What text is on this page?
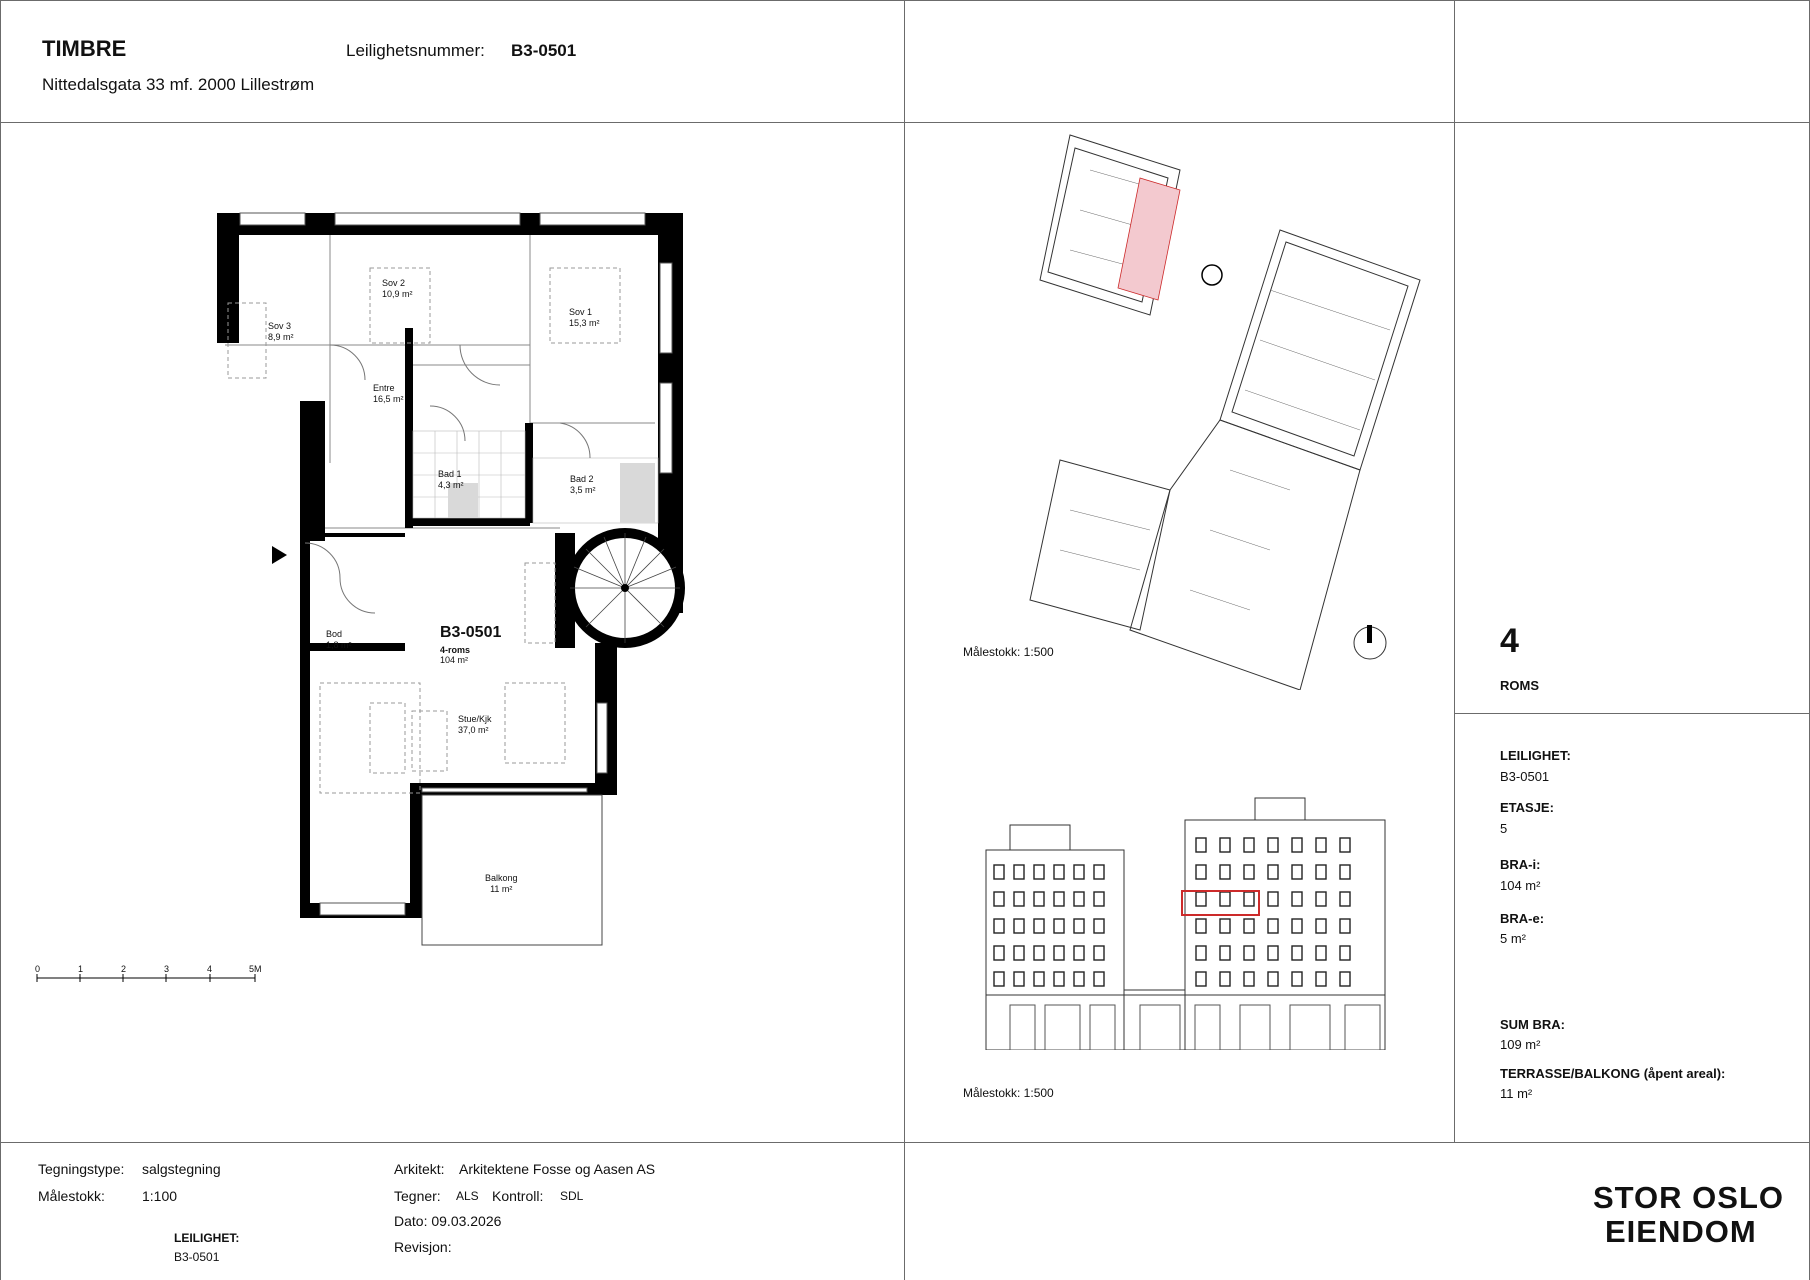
TIMBRE
Nittedalsgata 33 mf. 2000 Lillestrøm
Leilighetsnummer: B3-0501
Sov 3
8,9 m²
Sov 2
10,9 m²
Sov 1
15,3 m²
Entre
16,5 m²
Bad 1
4,3 m²
Bad 2
3,5 m²
Bod
1,8 m²
Stue/Kjk
37,0 m²
Balkong
11 m²
B3-0501
4-roms
104 m²
0	1	2	3	4	5M
Målestokk: 1:500
Målestokk: 1:500
4
ROMS
LEILIGHET:
B3-0501
ETASJE:
5
BRA-i:
104 m²
BRA-e:
5 m²
SUM BRA:
109 m²
TERRASSE/BALKONG (åpent areal):
11 m²
Tegningstype: salgstegning
Målestokk:	1:100
LEILIGHET:
B3-0501
Arkitekt: Arkitektene Fosse og Aasen AS
Tegner: ALS Kontroll: SDL
Dato: 09.03.2026
Revisjon:
STOR OSLO
EIENDOM
